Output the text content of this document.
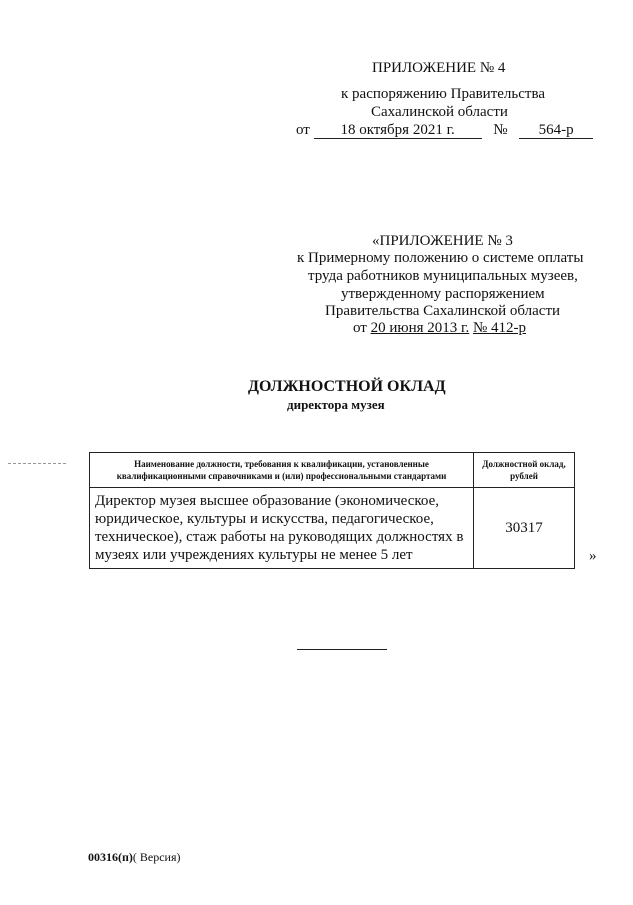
ПРИЛОЖЕНИЕ № 4
к распоряжению Правительства
Сахалинской области
от 18 октября 2021 г.	№ 564-р
«ПРИЛОЖЕНИЕ № 3
к Примерному положению о системе оплаты
труда работников муниципальных музеев,
утвержденному распоряжением
Правительства Сахалинской области
от 20 июня 2013 г. № 412-р
ДОЛЖНОСТНОЙ ОКЛАД
директора музея
Наименование должности, требования к квалификации, установленные квалификационными справочниками и (или) профессиональными стандартами	Должностной оклад, рублей
Директор музея высшее образование (экономическое, юридическое, культуры и искусства, педагогическое, техническое), стаж работы на руководящих должностях в музеях или учреждениях культуры не менее 5 лет	30317
»
00316(п)( Версия)
